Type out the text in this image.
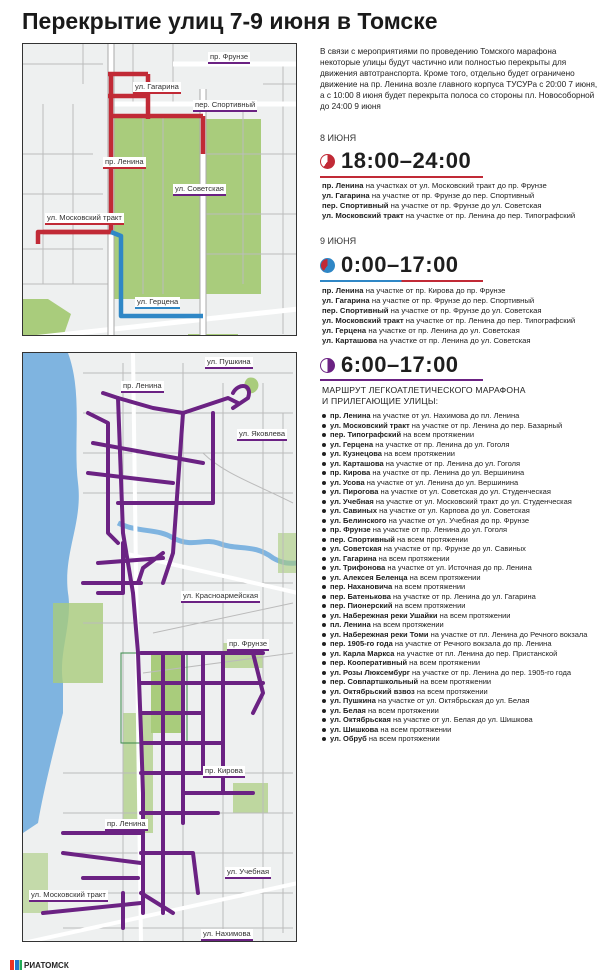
Перекрытие улиц 7-9 июня в Томске
В связи с мероприятиями по проведению Томского марафона некоторые улицы будут частично или полностью перекрыты для движения автотранспорта. Кроме того, отдельно будет ограничено движение на пр. Ленина возле главного корпуса ТУСУРа с 20:00 7 июня, а с 10:00 8 июня будет перекрыта полоса со стороны пл. Новособорной до 24:00 9 июня
пр. Фрунзе
ул. Гагарина
пер. Спортивный
пр. Ленина
ул. Советская
ул. Московский тракт
ул. Герцена
ул. Пушкина
пр. Ленина
ул. Яковлева
ул. Красноармейская
пр. Фрунзе
пр. Кирова
пр. Ленина
ул. Учебная
ул. Московский тракт
ул. Нахимова
8 ИЮНЯ
18:00–24:00

пр. Ленина на участках от ул. Московский тракт до пр. Фрунзе

ул. Гагарина на участке от пр. Фрунзе до пер. Спортивный

пер. Спортивный на участке от пр. Фрунзе до ул. Советская

ул. Московский тракт на участке от пр. Ленина до пер. Типографский

9 ИЮНЯ
0:00–17:00

пр. Ленина на участке от пр. Кирова до пр. Фрунзе

ул. Гагарина на участке от пр. Фрунзе до пер. Спортивный

пер. Спортивный на участке от пр. Фрунзе до ул. Советская

ул. Московский тракт на участке от пр. Ленина до пер. Типографский

ул. Герцена на участке от пр. Ленина до ул. Советская

ул. Карташова на участке от пр. Ленина до ул. Советская

6:00–17:00
МАРШРУТ ЛЕГКОАТЛЕТИЧЕСКОГО МАРАФОНА
И ПРИЛЕГАЮЩИЕ УЛИЦЫ:
пр. Ленина на участке от ул. Нахимова до пл. Ленина
ул. Московский тракт на участке от пр. Ленина до пер. Базарный
пер. Типографский на всем протяжении
ул. Герцена на участке от пр. Ленина до ул. Гоголя
ул. Кузнецова на всем протяжении
ул. Карташова на участке от пр. Ленина до ул. Гоголя
пр. Кирова на участке от пр. Ленина до ул. Вершинина
ул. Усова на участке от ул. Ленина до ул. Вершинина
ул. Пирогова на участке от ул. Советская до ул. Студенческая
ул. Учебная на участке от ул. Московский тракт до ул. Студенческая
ул. Савиных на участке от ул. Карпова до ул. Советская
ул. Белинского на участке от ул. Учебная до пр. Фрунзе
пр. Фрунзе на участке от пр. Ленина до ул. Гоголя
пер. Спортивный на всем протяжении
ул. Советская на участке от пр. Фрунзе до ул. Савиных
ул. Гагарина на всем протяжении
ул. Трифонова на участке от ул. Источная до пр. Ленина
ул. Алексея Беленца на всем протяжении
пер. Нахановича на всем протяжении
пер. Батенькова на участке от пр. Ленина до ул. Гагарина
пер. Пионерский на всем протяжении
ул. Набережная реки Ушайки на всем протяжении
пл. Ленина на всем протяжении
ул. Набережная реки Томи на участке от пл. Ленина до Речного вокзала
пер. 1905-го года на участке от Речного вокзала до пр. Ленина
ул. Карла Маркса на участке от пл. Ленина до пер. Пристанской
пер. Кооперативный на всем протяжении
ул. Розы Люксембург на участке от пр. Ленина до пер. 1905-го года
пер. Совпартшкольный на всем протяжении
ул. Октябрьский взвоз на всем протяжении
ул. Пушкина на участке от ул. Октябрьская до ул. Белая
ул. Белая на всем протяжении
ул. Октябрьская на участке от ул. Белая до ул. Шишкова
ул. Шишкова на всем протяжении
ул. Обруб на всем протяжении
РИАТОМСК
